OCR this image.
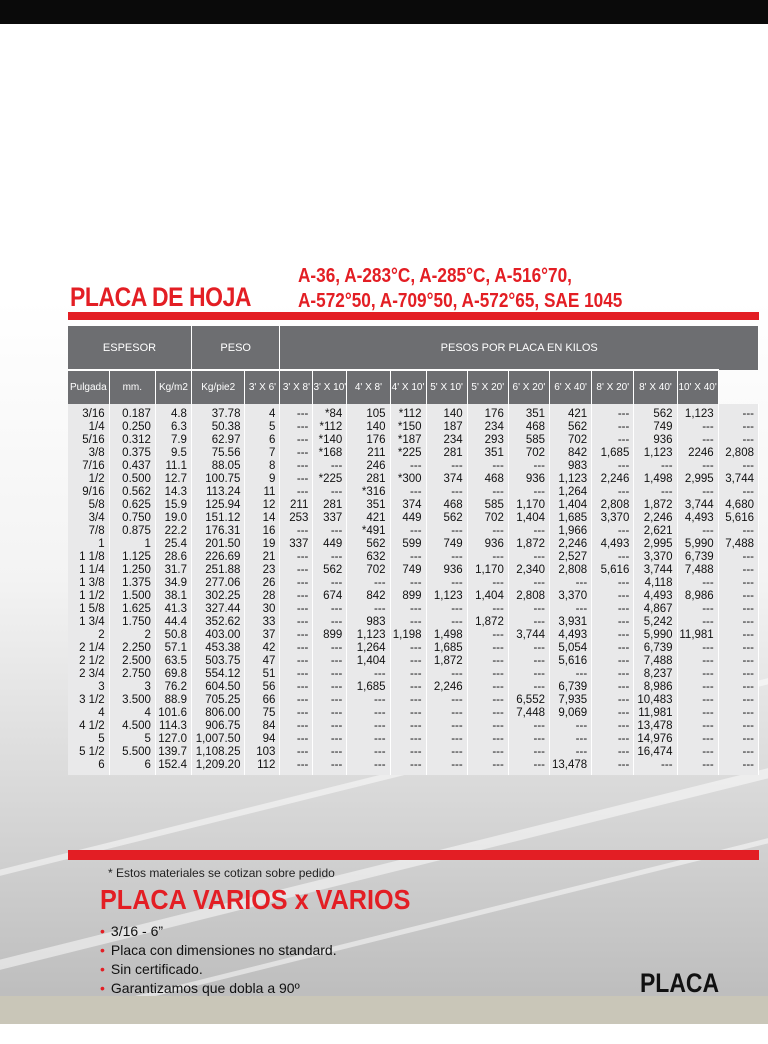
PLACA DE HOJA
A-36, A-283°C, A-285°C, A-516°70,
A-572°50, A-709°50, A-572°65, SAE 1045
ESPESOR			PESO		PESOS POR PLACA EN KILOS											
Pulgada	mm.	Kg/m2	Kg/pie2	3' X 6'	3' X 8'	3' X 10'	4' X 8'	4' X 10'	5' X 10'	5' X 20'	6' X 20'	6' X 40'	8' X 20'	8' X 40'	10' X 40'	
3/16	0.187	4.8	37.78	4	---	*84	105	*112	140	176	351	421	---	562	1,123	---
1/4	0.250	6.3	50.38	5	---	*112	140	*150	187	234	468	562	---	749	---	---
5/16	0.312	7.9	62.97	6	---	*140	176	*187	234	293	585	702	---	936	---	---
3/8	0.375	9.5	75.56	7	---	*168	211	*225	281	351	702	842	1,685	1,123	2246	2,808
7/16	0.437	11.1	88.05	8	---	---	246	---	---	---	---	983	---	---	---	---
1/2	0.500	12.7	100.75	9	---	*225	281	*300	374	468	936	1,123	2,246	1,498	2,995	3,744
9/16	0.562	14.3	113.24	11	---	---	*316	---	---	---	---	1,264	---	---	---	---
5/8	0.625	15.9	125.94	12	211	281	351	374	468	585	1,170	1,404	2,808	1,872	3,744	4,680
3/4	0.750	19.0	151.12	14	253	337	421	449	562	702	1,404	1,685	3,370	2,246	4,493	5,616
7/8	0.875	22.2	176.31	16	---	---	*491	---	---	---	---	1,966	---	2,621	---	---
1	1	25.4	201.50	19	337	449	562	599	749	936	1,872	2,246	4,493	2,995	5,990	7,488
1 1/8	1.125	28.6	226.69	21	---	---	632	---	---	---	---	2,527	---	3,370	6,739	---
1 1/4	1.250	31.7	251.88	23	---	562	702	749	936	1,170	2,340	2,808	5,616	3,744	7,488	---
1 3/8	1.375	34.9	277.06	26	---	---	---	---	---	---	---	---	---	4,118	---	---
1 1/2	1.500	38.1	302.25	28	---	674	842	899	1,123	1,404	2,808	3,370	---	4,493	8,986	---
1 5/8	1.625	41.3	327.44	30	---	---	---	---	---	---	---	---	---	4,867	---	---
1 3/4	1.750	44.4	352.62	33	---	---	983	---	---	1,872	---	3,931	---	5,242	---	---
2	2	50.8	403.00	37	---	899	1,123	1,198	1,498	---	3,744	4,493	---	5,990	11,981	---
2 1/4	2.250	57.1	453.38	42	---	---	1,264	---	1,685	---	---	5,054	---	6,739	---	---
2 1/2	2.500	63.5	503.75	47	---	---	1,404	---	1,872	---	---	5,616	---	7,488	---	---
2 3/4	2.750	69.8	554.12	51	---	---	---	---	---	---	---	---	---	8,237	---	---
3	3	76.2	604.50	56	---	---	1,685	---	2,246	---	---	6,739	---	8,986	---	---
3 1/2	3.500	88.9	705.25	66	---	---	---	---	---	---	6,552	7,935	---	10,483	---	---
4	4	101.6	806.00	75	---	---	---	---	---	---	7,448	9,069	---	11,981	---	---
4 1/2	4.500	114.3	906.75	84	---	---	---	---	---	---	---	---	---	13,478	---	---
5	5	127.0	1,007.50	94	---	---	---	---	---	---	---	---	---	14,976	---	---
5 1/2	5.500	139.7	1,108.25	103	---	---	---	---	---	---	---	---	---	16,474	---	---
6	6	152.4	1,209.20	112	---	---	---	---	---	---	---	13,478	---	---	---	---
* Estos materiales se cotizan sobre pedido
PLACA VARIOS x VARIOS
• 3/16 - 6”
• Placa con dimensiones no standard.
• Sin certificado.
• Garantizamos que dobla a 90º	PLACA
